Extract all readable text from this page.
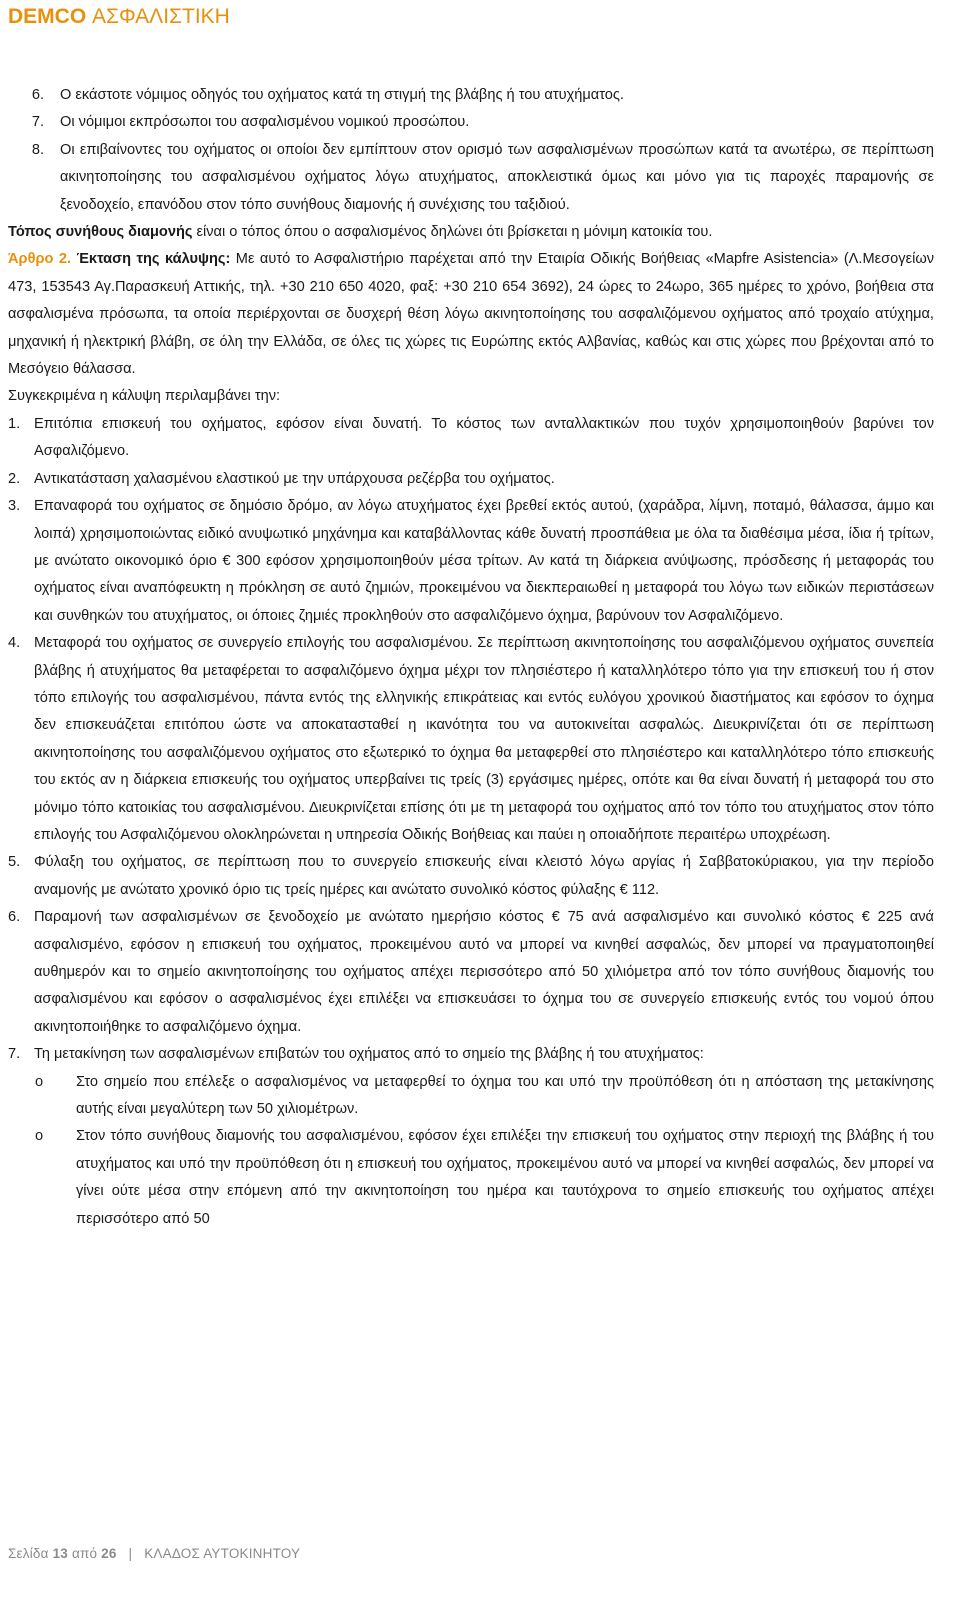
DEMCO ΑΣΦΑΛΙΣΤΙΚΗ
6.	Ο εκάστοτε νόμιμος οδηγός του οχήματος κατά τη στιγμή της βλάβης ή του ατυχήματος.
7.	Οι νόμιμοι εκπρόσωποι του ασφαλισμένου νομικού προσώπου.
8.	Οι επιβαίνοντες του οχήματος οι οποίοι δεν εμπίπτουν στον ορισμό των ασφαλισμένων προσώπων κατά τα ανωτέρω, σε περίπτωση ακινητοποίησης του ασφαλισμένου οχήματος λόγω ατυχήματος, αποκλειστικά όμως και μόνο για τις παροχές παραμονής σε ξενοδοχείο, επανόδου στον τόπο συνήθους διαμονής ή συνέχισης του ταξιδιού.

Τόπος συνήθους διαμονής είναι ο τόπος όπου ο ασφαλισμένος δηλώνει ότι βρίσκεται η μόνιμη κατοικία του.

Άρθρο 2. Έκταση της κάλυψης: Με αυτό το Ασφαλιστήριο παρέχεται από την Εταιρία Οδικής Βοήθειας «Mapfre Asistencia» (Λ.Μεσογείων 473, 153543 Αγ.Παρασκευή Αττικής, τηλ. +30 210 650 4020, φαξ: +30 210 654 3692), 24 ώρες το 24ωρο, 365 ημέρες το χρόνο, βοήθεια στα ασφαλισμένα πρόσωπα, τα οποία περιέρχονται σε δυσχερή θέση λόγω ακινητοποίησης του ασφαλιζόμενου οχήματος από τροχαίο ατύχημα, μηχανική ή ηλεκτρική βλάβη, σε όλη την Ελλάδα, σε όλες τις χώρες τις Ευρώπης εκτός Αλβανίας, καθώς και στις χώρες που βρέχονται από το Μεσόγειο θάλασσα.

Συγκεκριμένα η κάλυψη περιλαμβάνει την:

1. Επιτόπια επισκευή του οχήματος, εφόσον είναι δυνατή. Το κόστος των ανταλλακτικών που τυχόν χρησιμοποιηθούν βαρύνει τον Ασφαλιζόμενο.
2. Αντικατάσταση χαλασμένου ελαστικού με την υπάρχουσα ρεζέρβα του οχήματος.
3. Επαναφορά του οχήματος σε δημόσιο δρόμο, αν λόγω ατυχήματος έχει βρεθεί εκτός αυτού, (χαράδρα, λίμνη, ποταμό, θάλασσα, άμμο και λοιπά) χρησιμοποιώντας ειδικό ανυψωτικό μηχάνημα και καταβάλλοντας κάθε δυνατή προσπάθεια με όλα τα διαθέσιμα μέσα, ίδια ή τρίτων, με ανώτατο οικονομικό όριο € 300 εφόσον χρησιμοποιηθούν μέσα τρίτων. Αν κατά τη διάρκεια ανύψωσης, πρόσδεσης ή μεταφοράς του οχήματος είναι αναπόφευκτη η πρόκληση σε αυτό ζημιών, προκειμένου να διεκπεραιωθεί η μεταφορά του λόγω των ειδικών περιστάσεων και συνθηκών του ατυχήματος, οι όποιες ζημιές προκληθούν στο ασφαλιζόμενο όχημα, βαρύνουν τον Ασφαλιζόμενο.
4. Μεταφορά του οχήματος σε συνεργείο επιλογής του ασφαλισμένου. Σε περίπτωση ακινητοποίησης του ασφαλιζόμενου οχήματος συνεπεία βλάβης ή ατυχήματος θα μεταφέρεται το ασφαλιζόμενο όχημα μέχρι τον πλησιέστερο ή καταλληλότερο τόπο για την επισκευή του ή στον τόπο επιλογής του ασφαλισμένου, πάντα εντός της ελληνικής επικράτειας και εντός ευλόγου χρονικού διαστήματος και εφόσον το όχημα δεν επισκευάζεται επιτόπου ώστε να αποκατασταθεί η ικανότητα του να αυτοκινείται ασφαλώς. Διευκρινίζεται ότι σε περίπτωση ακινητοποίησης του ασφαλιζόμενου οχήματος στο εξωτερικό το όχημα θα μεταφερθεί στο πλησιέστερο και καταλληλότερο τόπο επισκευής του εκτός αν η διάρκεια επισκευής του οχήματος υπερβαίνει τις τρείς (3) εργάσιμες ημέρες, οπότε και θα είναι δυνατή ή μεταφορά του στο μόνιμο τόπο κατοικίας του ασφαλισμένου. Διευκρινίζεται επίσης ότι με τη μεταφορά του οχήματος από τον τόπο του ατυχήματος στον τόπο επιλογής του Ασφαλιζόμενου ολοκληρώνεται η υπηρεσία Οδικής Βοήθειας και παύει η οποιαδήποτε περαιτέρω υποχρέωση.
5. Φύλαξη του οχήματος, σε περίπτωση που το συνεργείο επισκευής είναι κλειστό λόγω αργίας ή Σαββατοκύριακου, για την περίοδο αναμονής με ανώτατο χρονικό όριο τις τρείς ημέρες και ανώτατο συνολικό κόστος φύλαξης € 112.
6. Παραμονή των ασφαλισμένων σε ξενοδοχείο με ανώτατο ημερήσιο κόστος € 75 ανά ασφαλισμένο και συνολικό κόστος € 225 ανά ασφαλισμένο, εφόσον η επισκευή του οχήματος, προκειμένου αυτό να μπορεί να κινηθεί ασφαλώς, δεν μπορεί να πραγματοποιηθεί αυθημερόν και το σημείο ακινητοποίησης του οχήματος απέχει περισσότερο από 50 χιλιόμετρα από τον τόπο συνήθους διαμονής του ασφαλισμένου και εφόσον ο ασφαλισμένος έχει επιλέξει να επισκευάσει το όχημα του σε συνεργείο επισκευής εντός του νομού όπου ακινητοποιήθηκε το ασφαλιζόμενο όχημα.
7. Τη μετακίνηση των ασφαλισμένων επιβατών του οχήματος από το σημείο της βλάβης ή του ατυχήματος:
o	Στο σημείο που επέλεξε ο ασφαλισμένος να μεταφερθεί το όχημα του και υπό την προϋπόθεση ότι η απόσταση της μετακίνησης αυτής είναι μεγαλύτερη των 50 χιλιομέτρων.
o	Στον τόπο συνήθους διαμονής του ασφαλισμένου, εφόσον έχει επιλέξει την επισκευή του οχήματος στην περιοχή της βλάβης ή του ατυχήματος και υπό την προϋπόθεση ότι η επισκευή του οχήματος, προκειμένου αυτό να μπορεί να κινηθεί ασφαλώς, δεν μπορεί να γίνει ούτε μέσα στην επόμενη από την ακινητοποίηση του ημέρα και ταυτόχρονα το σημείο επισκευής του οχήματος απέχει περισσότερο από 50
Σελίδα 13 από 26 | ΚΛΑΔΟΣ ΑΥΤΟΚΙΝΗΤΟΥ
